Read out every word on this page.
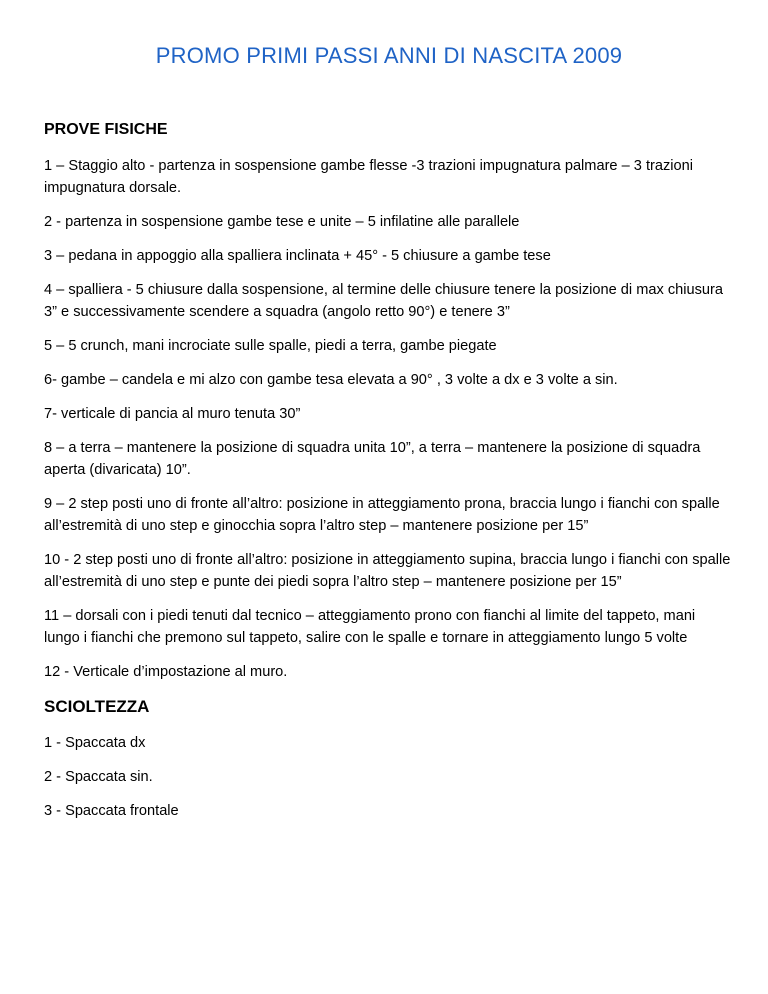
PROMO PRIMI PASSI ANNI DI NASCITA 2009
PROVE FISICHE
1 – Staggio alto - partenza in sospensione gambe flesse -3 trazioni impugnatura palmare – 3 trazioni impugnatura dorsale.
2 - partenza in sospensione gambe tese e unite – 5 infilatine alle parallele
3 – pedana in appoggio alla spalliera inclinata + 45° - 5 chiusure a gambe tese
4 – spalliera - 5 chiusure dalla sospensione, al termine delle chiusure tenere la posizione di max chiusura 3” e successivamente scendere a squadra (angolo retto 90°) e tenere 3”
5 – 5 crunch, mani incrociate sulle spalle, piedi a terra, gambe piegate
6- gambe – candela e mi alzo con gambe tesa elevata a 90° , 3 volte a dx e 3 volte a sin.
7- verticale di pancia al muro tenuta 30”
8 – a terra – mantenere la posizione di squadra unita 10”, a terra – mantenere la posizione di squadra aperta (divaricata) 10”.
9 – 2 step posti uno di fronte all’altro: posizione in atteggiamento prona, braccia lungo i fianchi con spalle all’estremità di uno step e ginocchia sopra l’altro step – mantenere posizione per 15”
10 - 2 step posti uno di fronte all’altro: posizione in atteggiamento supina, braccia lungo i fianchi con spalle all’estremità di uno step e punte dei piedi sopra l’altro step – mantenere posizione per 15”
11 – dorsali con i piedi tenuti dal tecnico – atteggiamento prono con fianchi al limite del tappeto, mani lungo i fianchi che premono sul tappeto, salire con le spalle e tornare in atteggiamento lungo 5 volte
12 - Verticale d’impostazione al muro.
SCIOLTEZZA
1 - Spaccata dx
2 - Spaccata sin.
3 - Spaccata frontale
